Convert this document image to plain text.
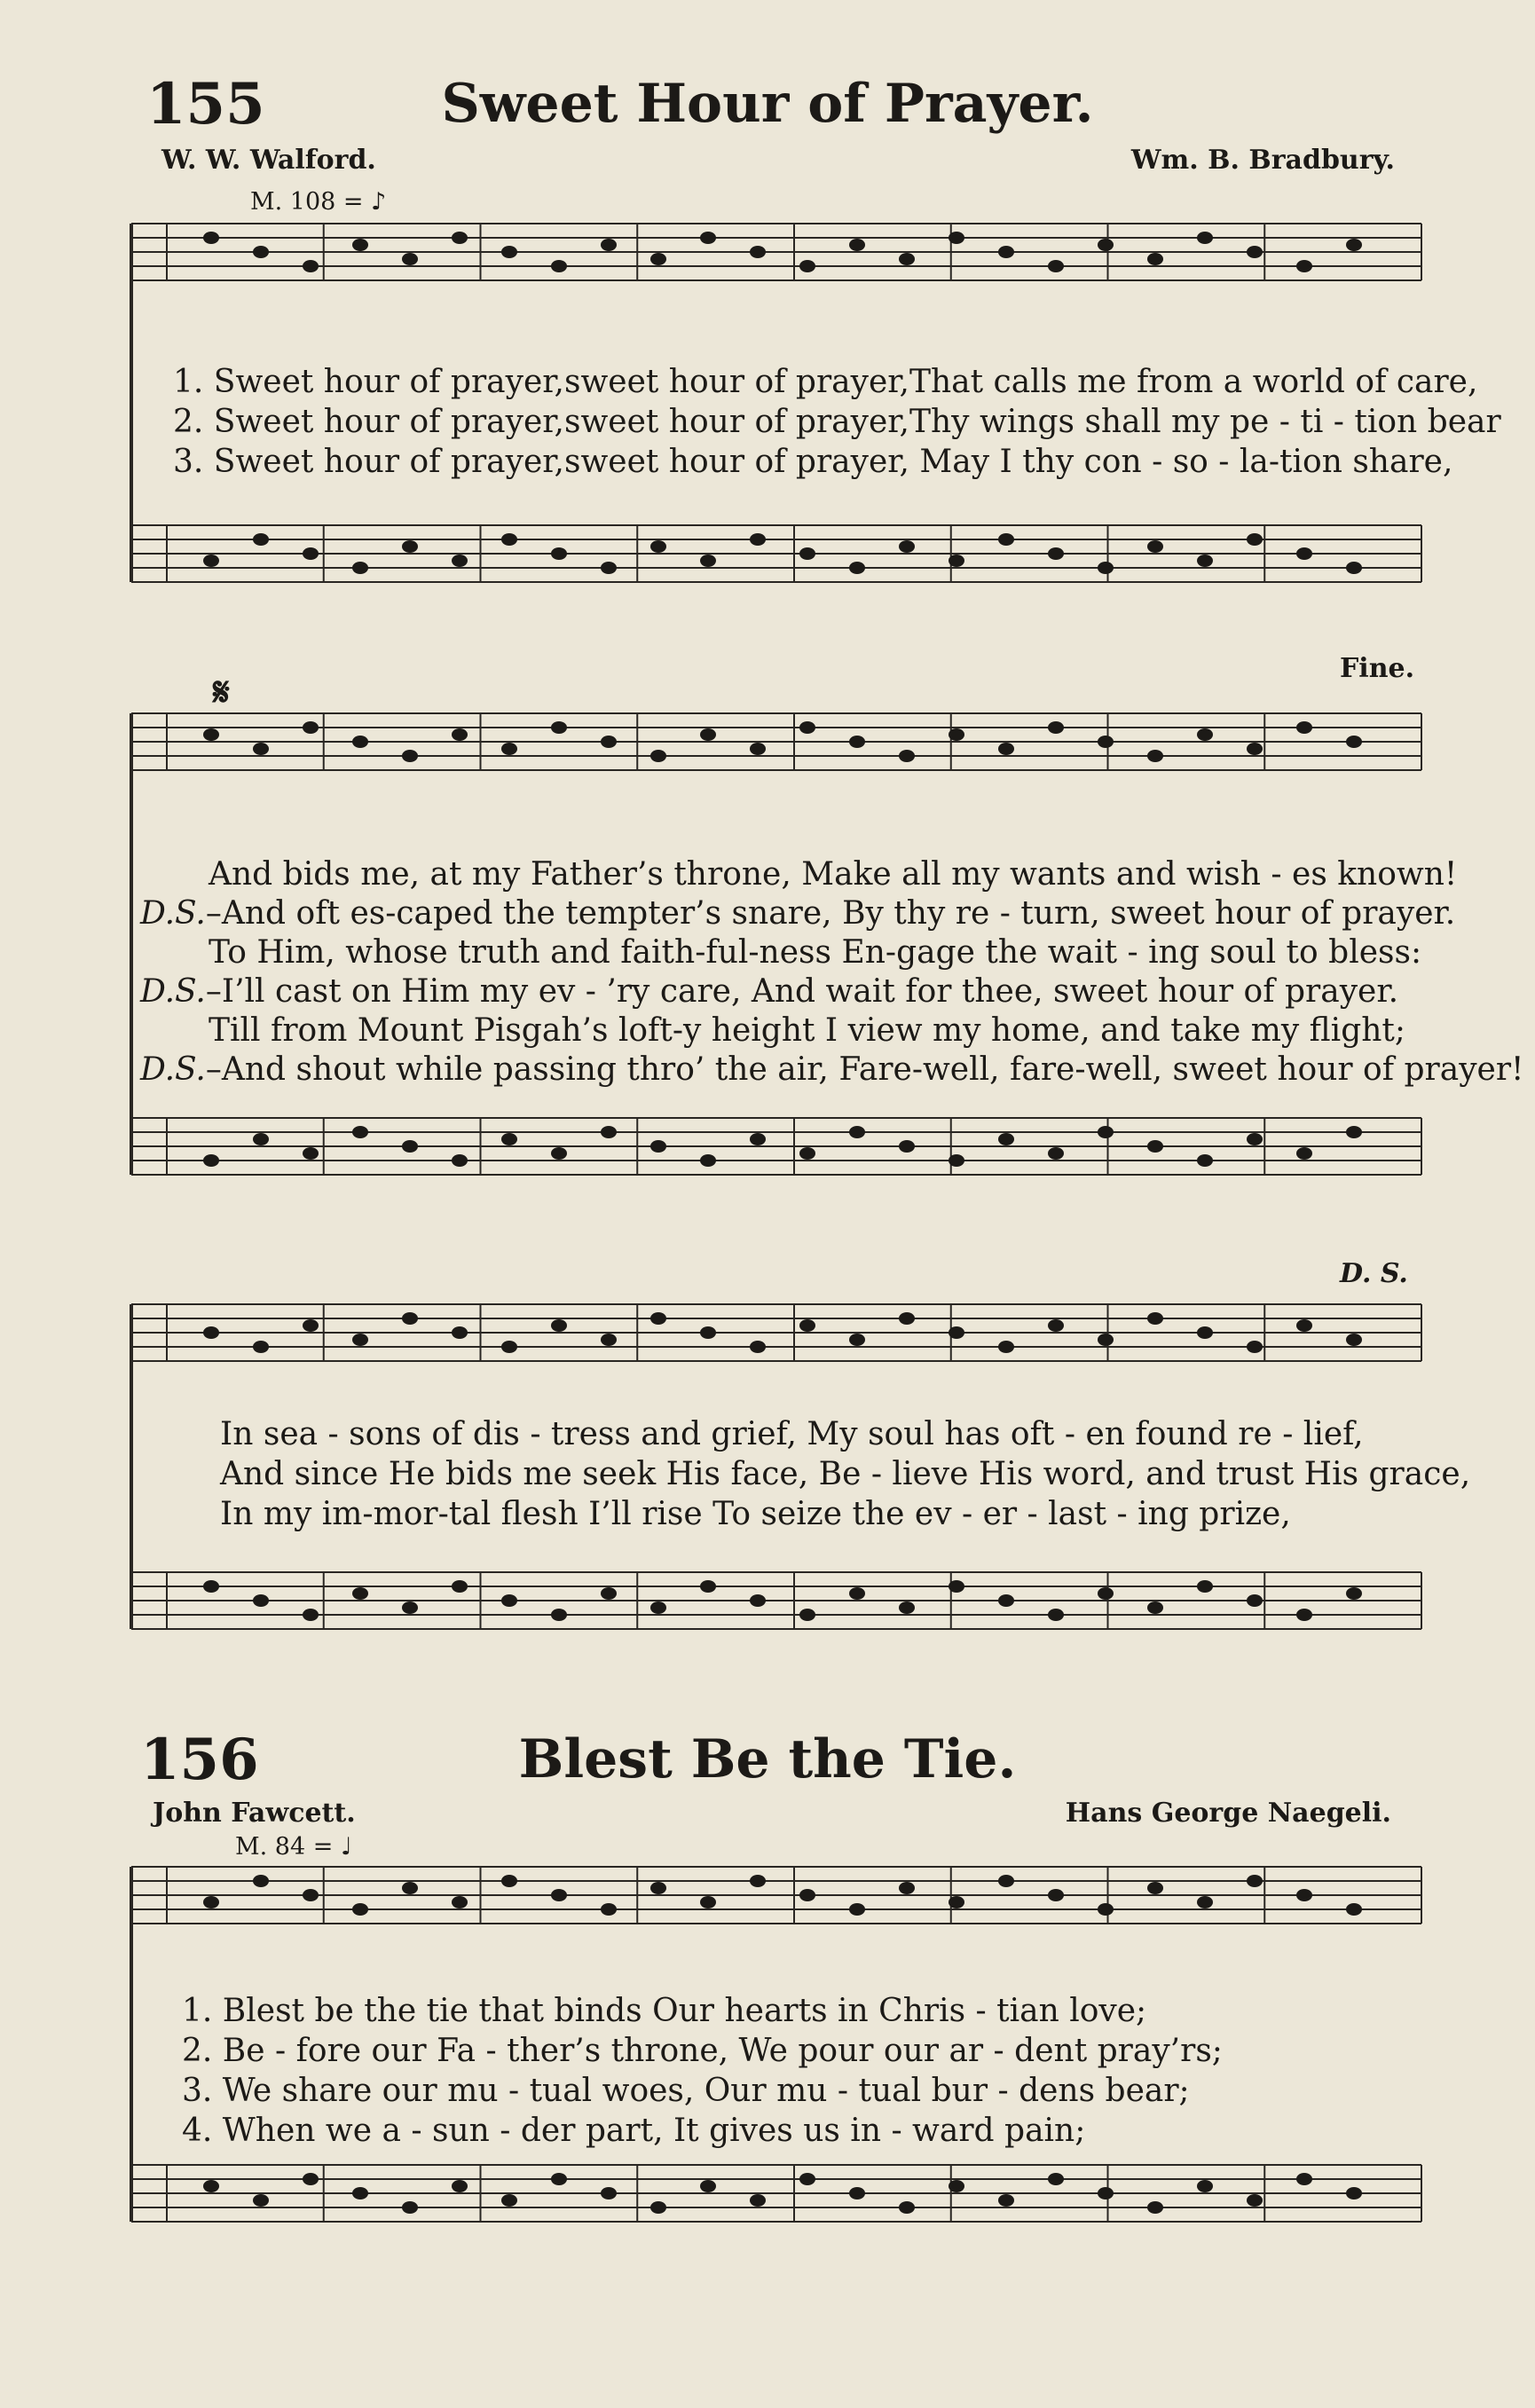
155	Sweet Hour of Prayer.
W. W. Walford.	Wm. B. Bradbury.
M. 108 = ♪
1. Sweet hour of prayer,sweet hour of prayer,That calls me from a world of care,
2. Sweet hour of prayer,sweet hour of prayer,Thy wings shall my pe - ti - tion bear
3. Sweet hour of prayer,sweet hour of prayer, May I thy con - so - la-tion share,
Fine.
𝄋
And bids me, at my Father’s throne, Make all my wants and wish - es known!
D.S.–And oft es-caped the tempter’s snare, By thy re - turn, sweet hour of prayer.
To Him, whose truth and faith-ful-ness En-gage the wait - ing soul to bless:
D.S.–I’ll cast on Him my ev - ’ry care, And wait for thee, sweet hour of prayer.
Till from Mount Pisgah’s loft-y height I view my home, and take my flight;
D.S.–And shout while passing thro’ the air, Fare-well, fare-well, sweet hour of prayer!
D. S.
In sea - sons of dis - tress and grief, My soul has oft - en found re - lief,
And since He bids me seek His face, Be - lieve His word, and trust His grace,
In my im-mor-tal flesh I’ll rise To seize the ev - er - last - ing prize,
156	Blest Be the Tie.
John Fawcett.	Hans George Naegeli.
M. 84 = ♩
1. Blest be the tie that binds Our hearts in Chris - tian love;
2. Be - fore our Fa - ther’s throne, We pour our ar - dent pray’rs;
3. We share our mu - tual woes, Our mu - tual bur - dens bear;
4. When we a - sun - der part, It gives us in - ward pain;
